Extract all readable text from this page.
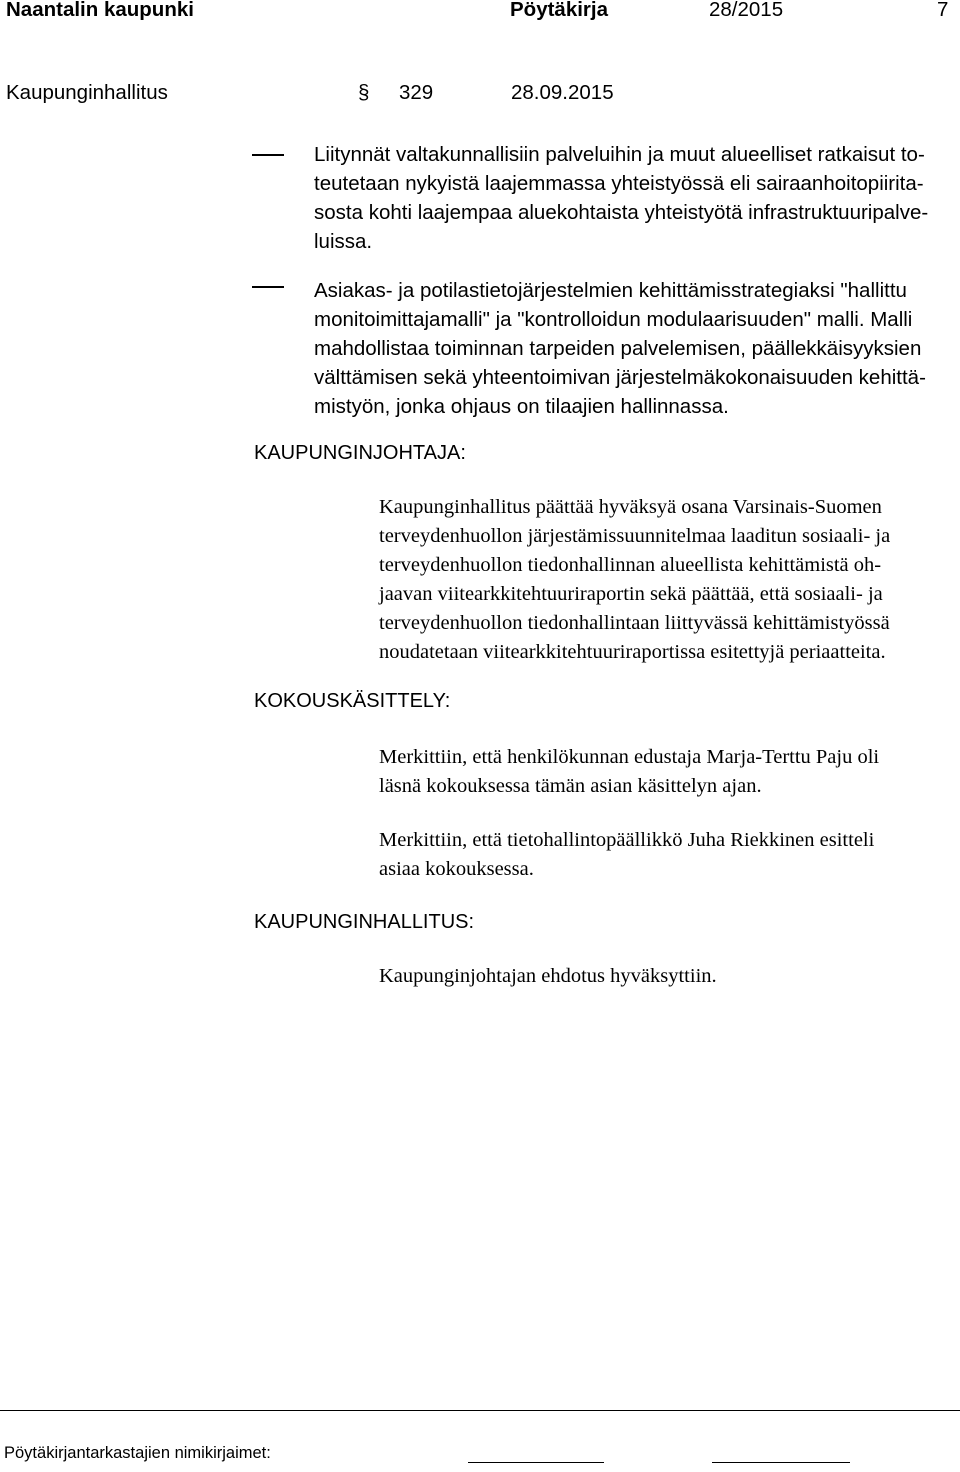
Naantalin kaupunki	Pöytäkirja	28/2015	7
Kaupunginhallitus	§ 329	28.09.2015
Liitynnät valtakunnallisiin palveluihin ja muut alueelliset ratkaisut to-
teutetaan nykyistä laajemmassa yhteistyössä eli sairaanhoitopiirita-
sosta kohti laajempaa aluekohtaista yhteistyötä infrastruktuuripalve-
luissa.
Asiakas- ja potilastietojärjestelmien kehittämisstrategiaksi "hallittu
monitoimittajamalli" ja "kontrolloidun modulaarisuuden" malli. Malli
mahdollistaa toiminnan tarpeiden palvelemisen, päällekkäisyyksien
välttämisen sekä yhteentoimivan järjestelmäkokonaisuuden kehittä-
mistyön, jonka ohjaus on tilaajien hallinnassa.
KAUPUNGINJOHTAJA:
Kaupunginhallitus päättää hyväksyä osana Varsinais-Suomen
terveydenhuollon järjestämissuunnitelmaa laaditun sosiaali- ja
terveydenhuollon tiedonhallinnan alueellista kehittämistä oh-
jaavan viitearkkitehtuuriraportin sekä päättää, että sosiaali- ja
terveydenhuollon tiedonhallintaan liittyvässä kehittämistyössä
noudatetaan viitearkkitehtuuriraportissa esitettyjä periaatteita.
KOKOUSKÄSITTELY:
Merkittiin, että henkilökunnan edustaja Marja-Terttu Paju oli
läsnä kokouksessa tämän asian käsittelyn ajan.
Merkittiin, että tietohallintopäällikkö Juha Riekkinen esitteli
asiaa kokouksessa.
KAUPUNGINHALLITUS:
Kaupunginjohtajan ehdotus hyväksyttiin.
Pöytäkirjantarkastajien nimikirjaimet:
